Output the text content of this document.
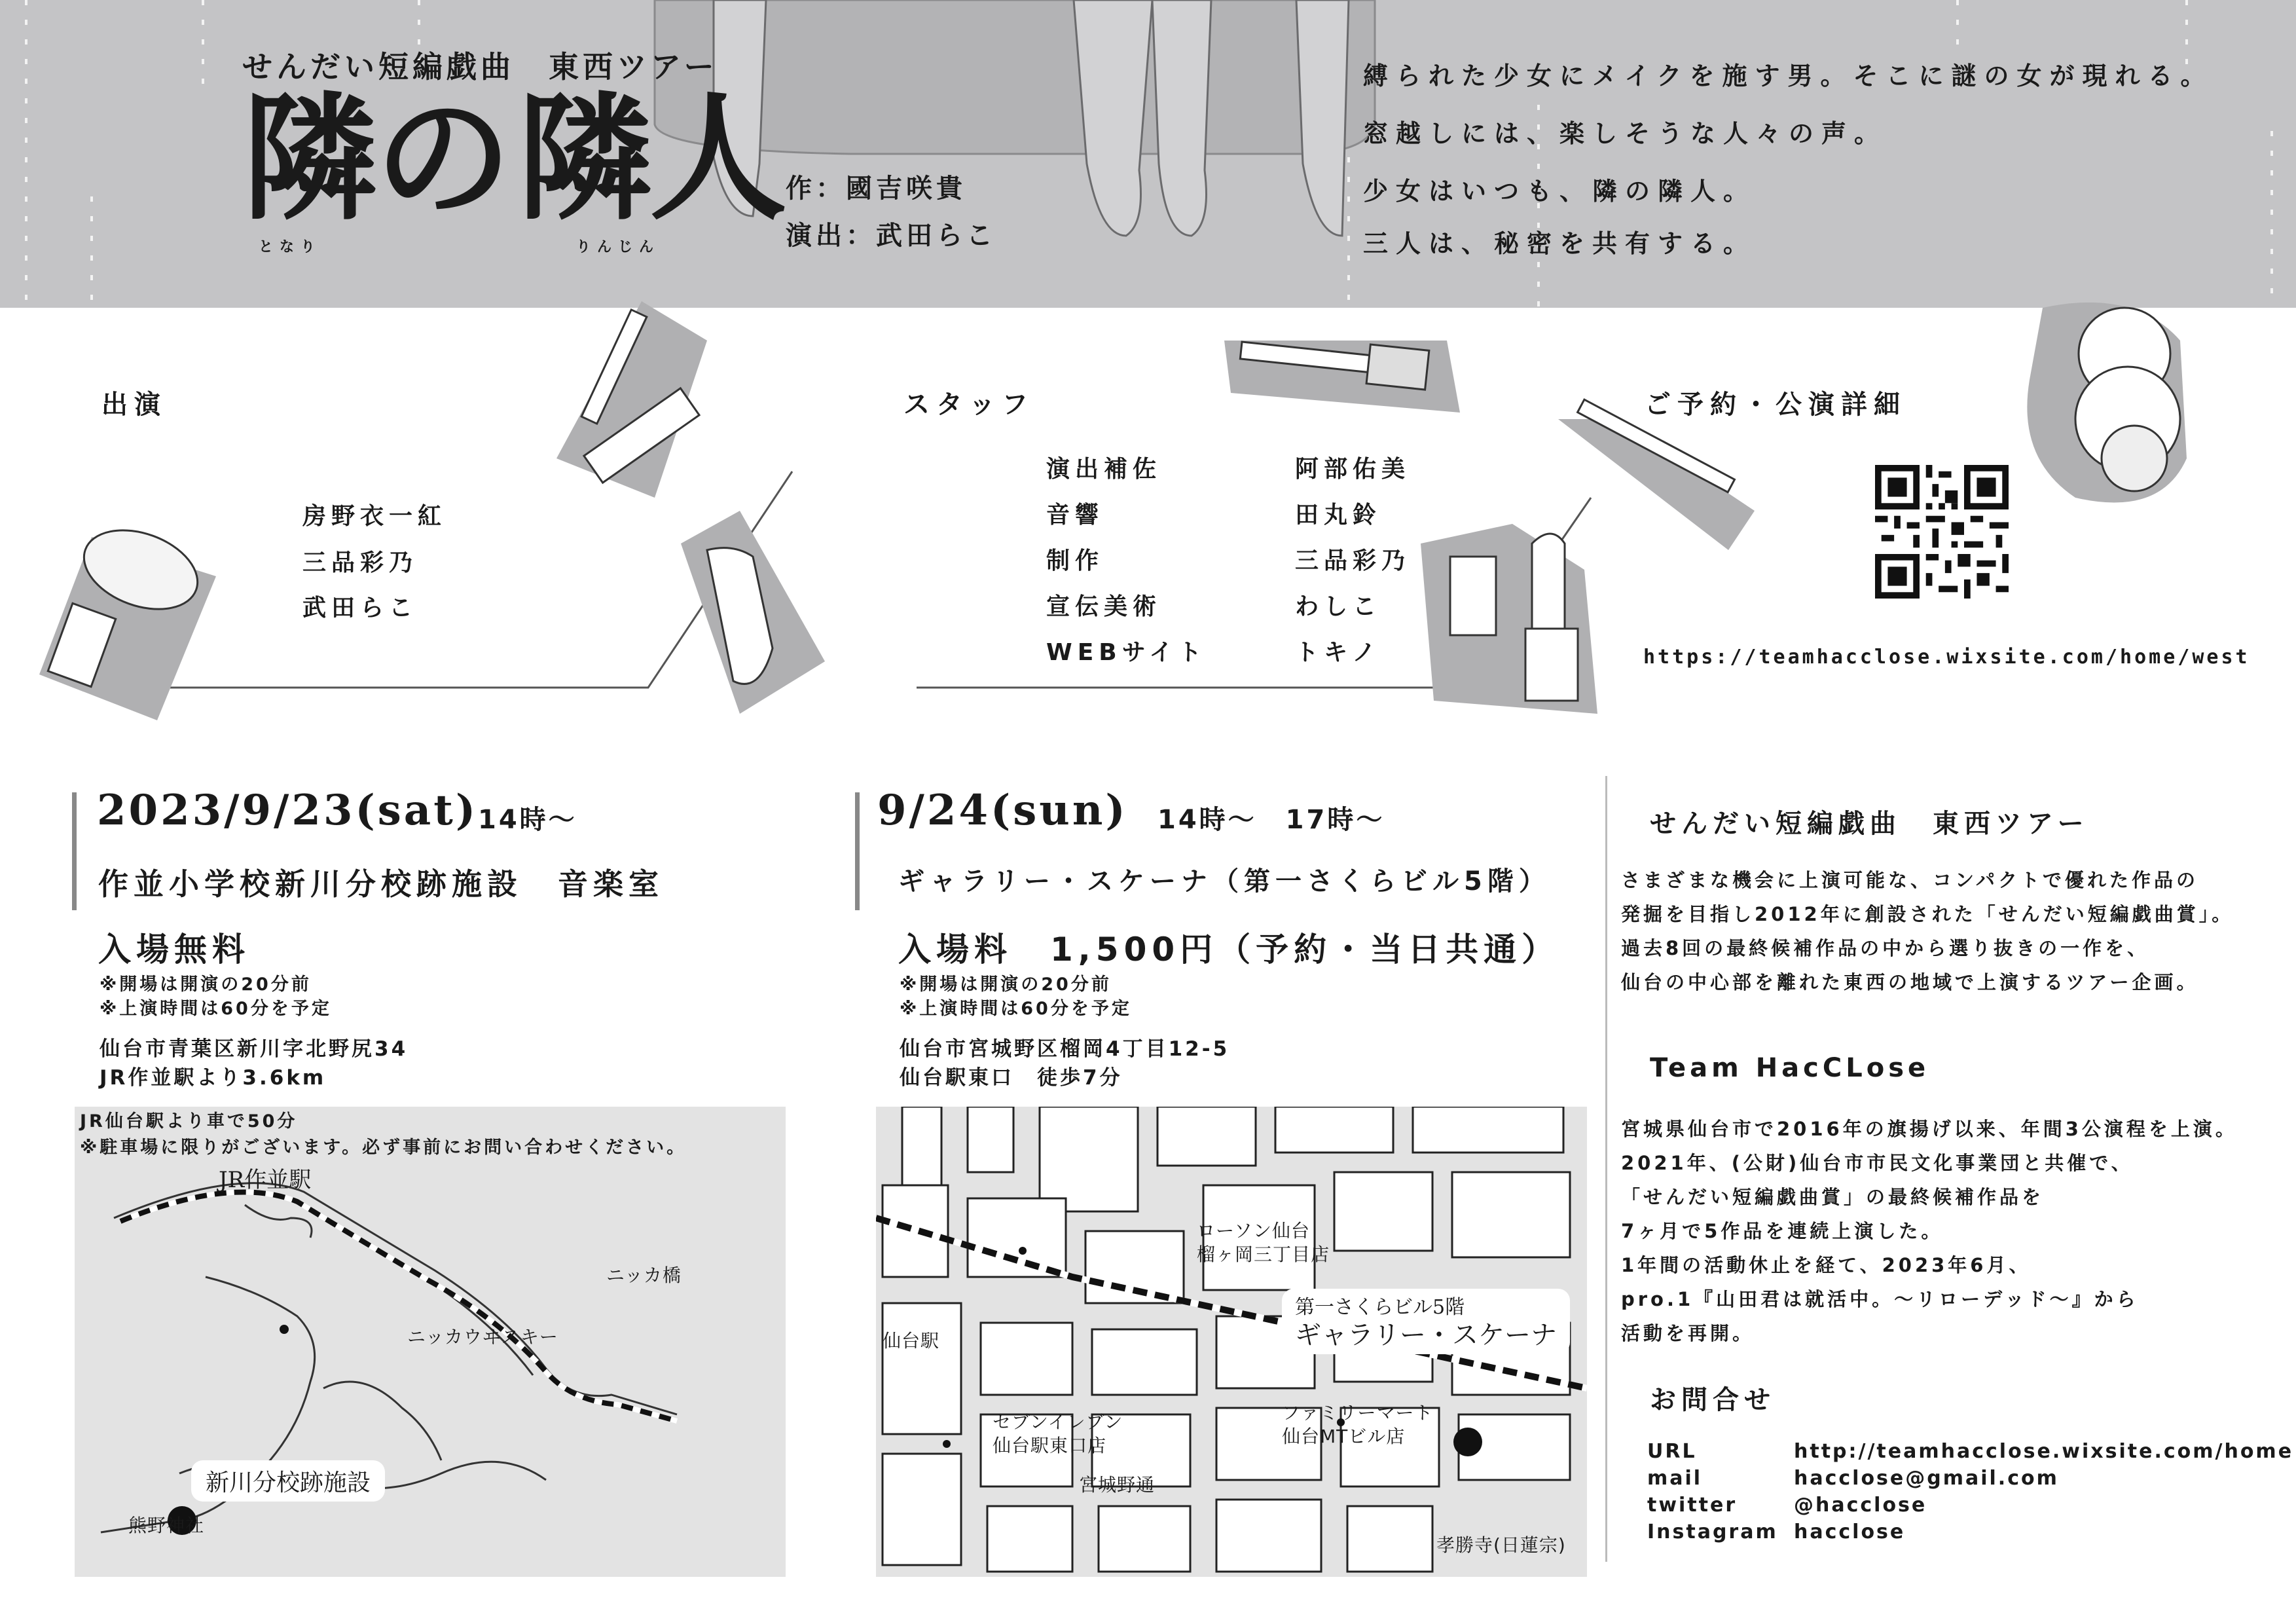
せんだい短編戯曲　東西ツアー
隣の 隣人
となり	りんじん
作：國吉咲貴
演出：武田らこ
縛られた少女にメイクを施す男。そこに謎の女が現れる。
窓越しには、楽しそうな人々の声。
少女はいつも、隣の隣人。
三人は、秘密を共有する。
出演
房野衣一紅
三品彩乃
武田らこ
スタッフ
演出補佐	阿部佑美
音響	田丸鈴
制作	三品彩乃
宣伝美術	わしこ
WEBサイト	トキノ
ご予約・公演詳細
https://teamhacclose.wixsite.com/home/west
2023/9/23(sat) 14時～
作並小学校新川分校跡施設　音楽室
入場無料
※開場は開演の20分前
※上演時間は60分を予定
仙台市青葉区新川字北野尻34
JR作並駅より3.6km
JR仙台駅より車で50分
※駐車場に限りがございます。必ず事前にお問い合わせください。
JR作並駅
ニッカ橋
ニッカウヰスキー
新川分校跡施設
熊野神社
9/24(sun) 14時～　17時～
ギャラリー・スケーナ（第一さくらビル5階）
入場料　1,500円（予約・当日共通）
※開場は開演の20分前
※上演時間は60分を予定
仙台市宮城野区榴岡4丁目12-5
仙台駅東口　徒歩7分
ローソン仙台
榴ヶ岡三丁目店
仙台駅
セブンイレブン
仙台駅東口店
宮城野通
ファミリーマート
仙台MTビル店
第一さくらビル5階
ギャラリー・スケーナ
孝勝寺(日蓮宗)
せんだい短編戯曲　東西ツアー
さまざまな機会に上演可能な、コンパクトで優れた作品の
発掘を目指し2012年に創設された「せんだい短編戯曲賞」。
過去8回の最終候補作品の中から選り抜きの一作を、
仙台の中心部を離れた東西の地域で上演するツアー企画。
Team HacCLose
宮城県仙台市で2016年の旗揚げ以来、年間3公演程を上演。
2021年、(公財)仙台市市民文化事業団と共催で、
「せんだい短編戯曲賞」の最終候補作品を
7ヶ月で5作品を連続上演した。
1年間の活動休止を経て、2023年6月、
pro.1『山田君は就活中。～リローデッド～』から
活動を再開。
お問合せ
URL	http://teamhacclose.wixsite.com/home
mail	hacclose@gmail.com
twitter	@hacclose
Instagram hacclose
